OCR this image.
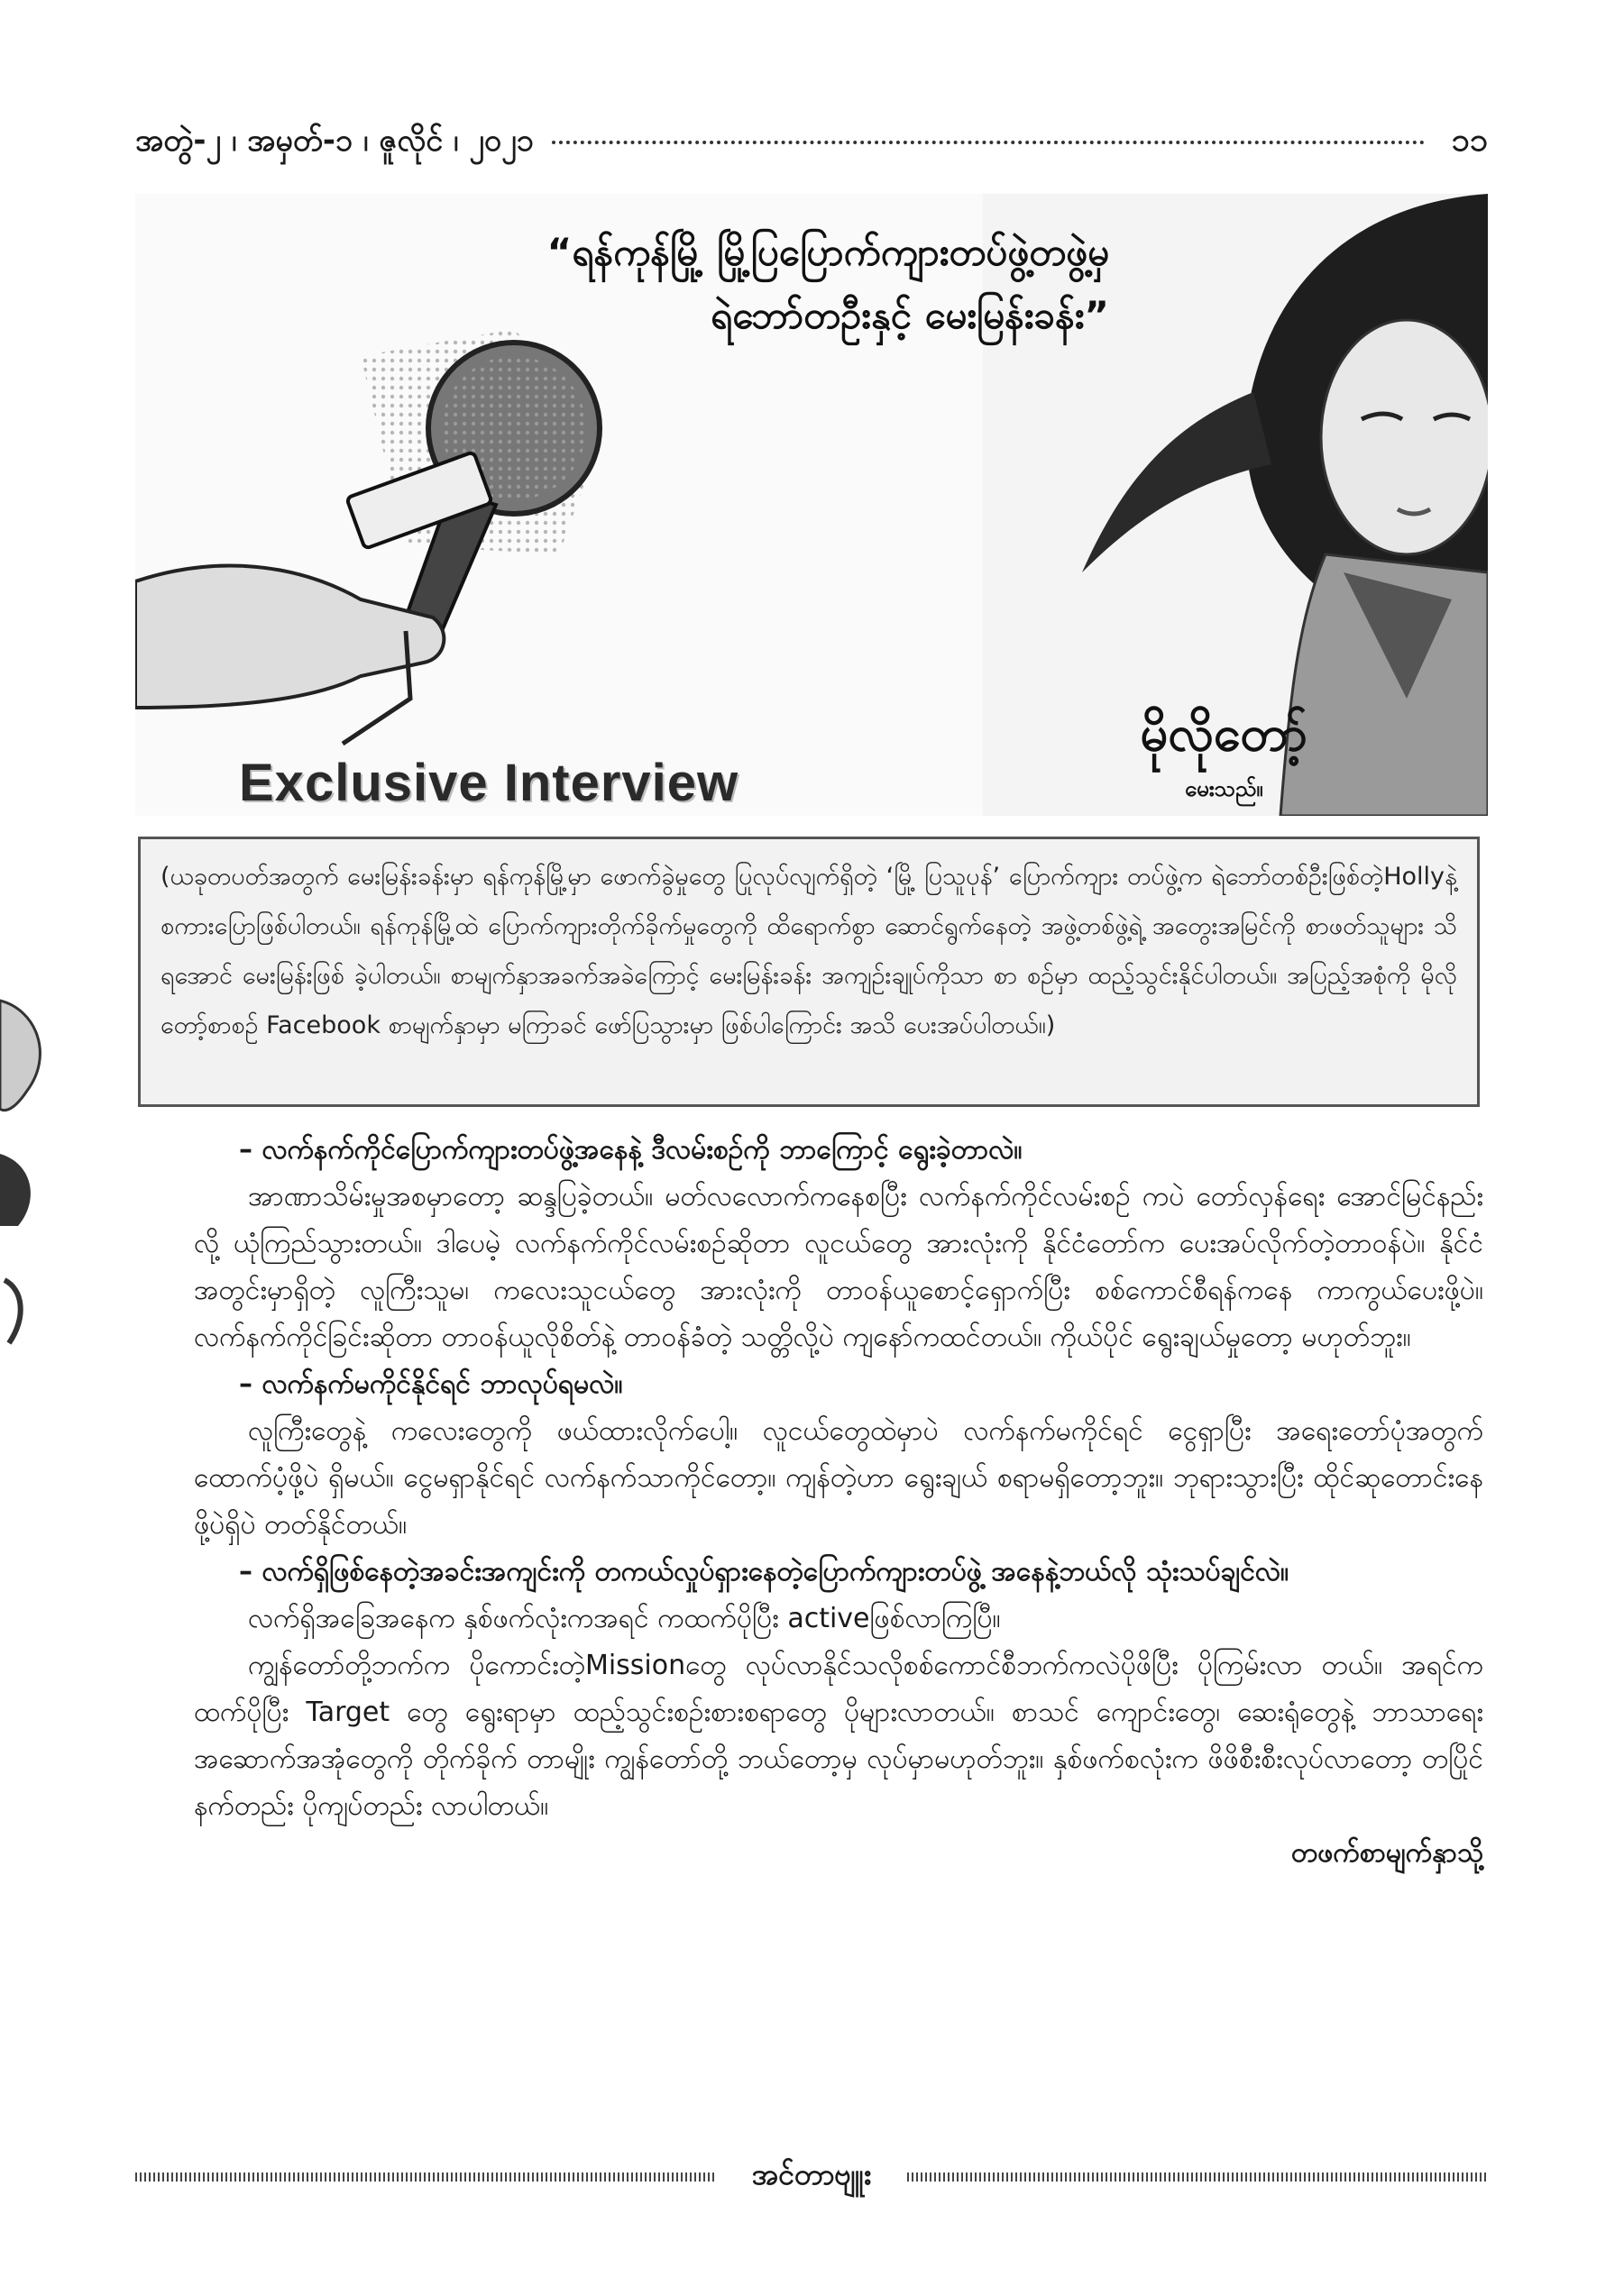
အတွဲ-၂ ၊ အမှတ်-၁ ၊ ဇူလိုင် ၊ ၂၀၂၁	၁၁
“ရန်ကုန်မြို့ မြို့ပြပြောက်ကျားတပ်ဖွဲ့တဖွဲ့မှ
ရဲဘော်တဦးနှင့် မေးမြန်းခန်း”
Exclusive Interview
မိုလိုတော့်
မေးသည်။
(ယခုတပတ်အတွက် မေးမြန်းခန်းမှာ ရန်ကုန်မြို့မှာ ဖောက်ခွဲမှုတွေ ပြုလုပ်လျက်ရှိတဲ့ ‘မြို့ ပြသူပုန်’ ပြောက်ကျား တပ်ဖွဲ့က ရဲဘော်တစ်ဦးဖြစ်တဲ့Hollyနဲ့ စကားပြောဖြစ်ပါတယ်။ ရန်ကုန်မြို့ထဲ ပြောက်ကျားတိုက်ခိုက်မှုတွေကို ထိရောက်စွာ ဆောင်ရွက်နေတဲ့ အဖွဲ့တစ်ဖွဲ့ရဲ့ အတွေးအမြင်ကို စာဖတ်သူများ သိရအောင် မေးမြန်းဖြစ် ခဲ့ပါတယ်။ စာမျက်နှာအခက်အခဲကြောင့် မေးမြန်းခန်း အကျဉ်းချုပ်ကိုသာ စာ စဉ်မှာ ထည့်သွင်းနိုင်ပါတယ်။ အပြည့်အစုံကို မိုလိုတော့်စာစဉ် Facebook စာမျက်နှာမှာ မကြာခင် ဖော်ပြသွားမှာ ဖြစ်ပါကြောင်း အသိ ပေးအပ်ပါတယ်။)

– လက်နက်ကိုင်ပြောက်ကျားတပ်ဖွဲ့အနေနဲ့ ဒီလမ်းစဉ်ကို ဘာကြောင့် ရွေးခဲ့တာလဲ။

အာဏာသိမ်းမှုအစမှာတော့ ဆန္ဒပြခဲ့တယ်။ မတ်လလောက်ကနေစပြီး လက်နက်ကိုင်လမ်းစဉ် ကပဲ တော်လှန်ရေး အောင်မြင်နည်းလို့ ယုံကြည်သွားတယ်။ ဒါပေမဲ့ လက်နက်ကိုင်လမ်းစဉ်ဆိုတာ လူငယ်တွေ အားလုံးကို နိုင်ငံတော်က ပေးအပ်လိုက်တဲ့တာဝန်ပဲ။ နိုင်ငံအတွင်းမှာရှိတဲ့ လူကြီးသူမ၊ ကလေးသူငယ်တွေ အားလုံးကို တာဝန်ယူစောင့်ရှောက်ပြီး စစ်ကောင်စီရန်ကနေ ကာကွယ်ပေးဖို့ပဲ။ လက်နက်ကိုင်ခြင်းဆိုတာ တာဝန်ယူလိုစိတ်နဲ့ တာဝန်ခံတဲ့ သတ္တိလို့ပဲ ကျနော်ကထင်တယ်။ ကိုယ်ပိုင် ရွေးချယ်မှုတော့ မဟုတ်ဘူး။

– လက်နက်မကိုင်နိုင်ရင် ဘာလုပ်ရမလဲ။

လူကြီးတွေနဲ့ ကလေးတွေကို ဖယ်ထားလိုက်ပေါ့။ လူငယ်တွေထဲမှာပဲ လက်နက်မကိုင်ရင် ငွေရှာပြီး အရေးတော်ပုံအတွက် ထောက်ပံ့ဖို့ပဲ ရှိမယ်။ ငွေမရှာနိုင်ရင် လက်နက်သာကိုင်တော့။ ကျန်တဲ့ဟာ ရွေးချယ် စရာမရှိတော့ဘူး။ ဘုရားသွားပြီး ထိုင်ဆုတောင်းနေဖို့ပဲရှိပဲ တတ်နိုင်တယ်။

– လက်ရှိဖြစ်နေတဲ့အခင်းအကျင်းကို တကယ်လှုပ်ရှားနေတဲ့ပြောက်ကျားတပ်ဖွဲ့ အနေနဲ့ဘယ်လို သုံးသပ်ချင်လဲ။

လက်ရှိအခြေအနေက နှစ်ဖက်လုံးကအရင် ကထက်ပိုပြီး activeဖြစ်လာကြပြီ။

ကျွန်တော်တို့ဘက်က ပိုကောင်းတဲ့Missionတွေ လုပ်လာနိုင်သလိုစစ်ကောင်စီဘက်ကလဲပိုဖိပြီး ပိုကြမ်းလာ တယ်။ အရင်ကထက်ပိုပြီး Target တွေ ရွေးရာမှာ ထည့်သွင်းစဉ်းစားစရာတွေ ပိုများလာတယ်။ စာသင် ကျောင်းတွေ၊ ဆေးရုံတွေနဲ့ ဘာသာရေးအဆောက်အအုံတွေကို တိုက်ခိုက် တာမျိုး ကျွန်တော်တို့ ဘယ်တော့မှ လုပ်မှာမဟုတ်ဘူး။ နှစ်ဖက်စလုံးက ဖိဖိစီးစီးလုပ်လာတော့ တပြိုင် နက်တည်း ပိုကျပ်တည်း လာပါတယ်။

တဖက်စာမျက်နှာသို့

အင်တာဗျူး
